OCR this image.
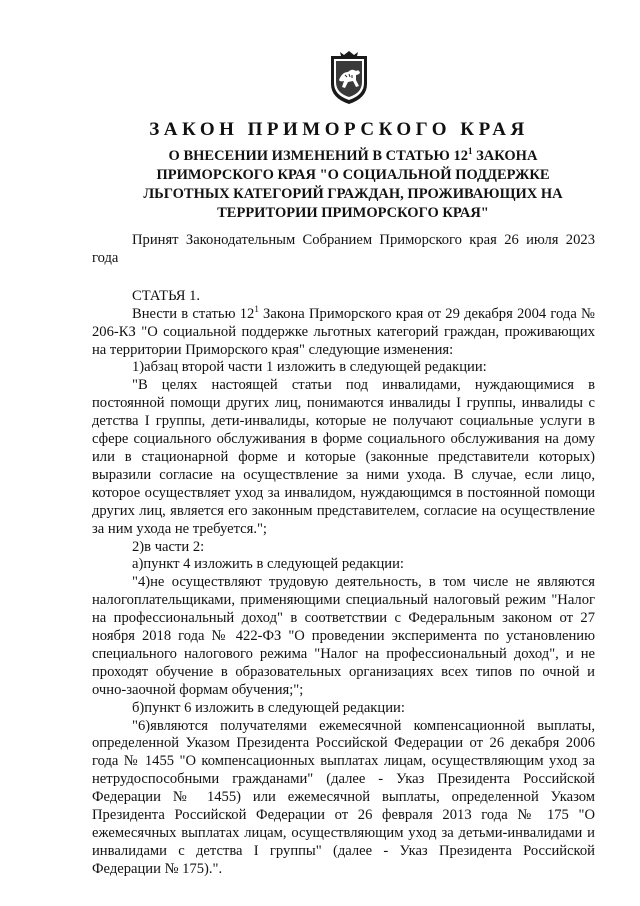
ЗАКОН ПРИМОРСКОГО КРАЯ
О ВНЕСЕНИИ ИЗМЕНЕНИЙ В СТАТЬЮ $12^1$ ЗАКОНА ПРИМОРСКОГО КРАЯ "О СОЦИАЛЬНОЙ ПОДДЕРЖКЕ ЛЬГОТНЫХ КАТЕГОРИЙ ГРАЖДАН, ПРОЖИВАЮЩИХ НА ТЕРРИТОРИИ ПРИМОРСКОГО КРАЯ"

Принят Законодательным Собранием Приморского края 26 июля 2023 года

СТАТЬЯ 1.

Внести в статью $12^1$ Закона Приморского края от 29 декабря 2004 года № 206-КЗ "О социальной поддержке льготных категорий граждан, проживающих на территории Приморского края" следующие изменения:

1)абзац второй части 1 изложить в следующей редакции:

"В целях настоящей статьи под инвалидами, нуждающимися в постоянной помощи других лиц, понимаются инвалиды I группы, инвалиды с детства I группы, дети-инвалиды, которые не получают социальные услуги в сфере социального обслуживания в форме социального обслуживания на дому или в стационарной форме и которые (законные представители которых) выразили согласие на осуществление за ними ухода. В случае, если лицо, которое осуществляет уход за инвалидом, нуждающимся в постоянной помощи других лиц, является его законным представителем, согласие на осуществление за ним ухода не требуется.";

2)в части 2:

а)пункт 4 изложить в следующей редакции:

"4)не осуществляют трудовую деятельность, в том числе не являются налогоплательщиками, применяющими специальный налоговый режим "Налог на профессиональный доход" в соответствии с Федеральным законом от 27 ноября 2018 года № 422-ФЗ "О проведении эксперимента по установлению специального налогового режима "Налог на профессиональный доход", и не проходят обучение в образовательных организациях всех типов по очной и очно-заочной формам обучения;";

б)пункт 6 изложить в следующей редакции:

"6)являются получателями ежемесячной компенсационной выплаты, определенной Указом Президента Российской Федерации от 26 декабря 2006 года № 1455 "О компенсационных выплатах лицам, осуществляющим уход за нетрудоспособными гражданами" (далее - Указ Президента Российской Федерации № 1455) или ежемесячной выплаты, определенной Указом Президента Российской Федерации от 26 февраля 2013 года № 175 "О ежемесячных выплатах лицам, осуществляющим уход за детьми-инвалидами и инвалидами с детства I группы" (далее - Указ Президента Российской Федерации № 175).".
